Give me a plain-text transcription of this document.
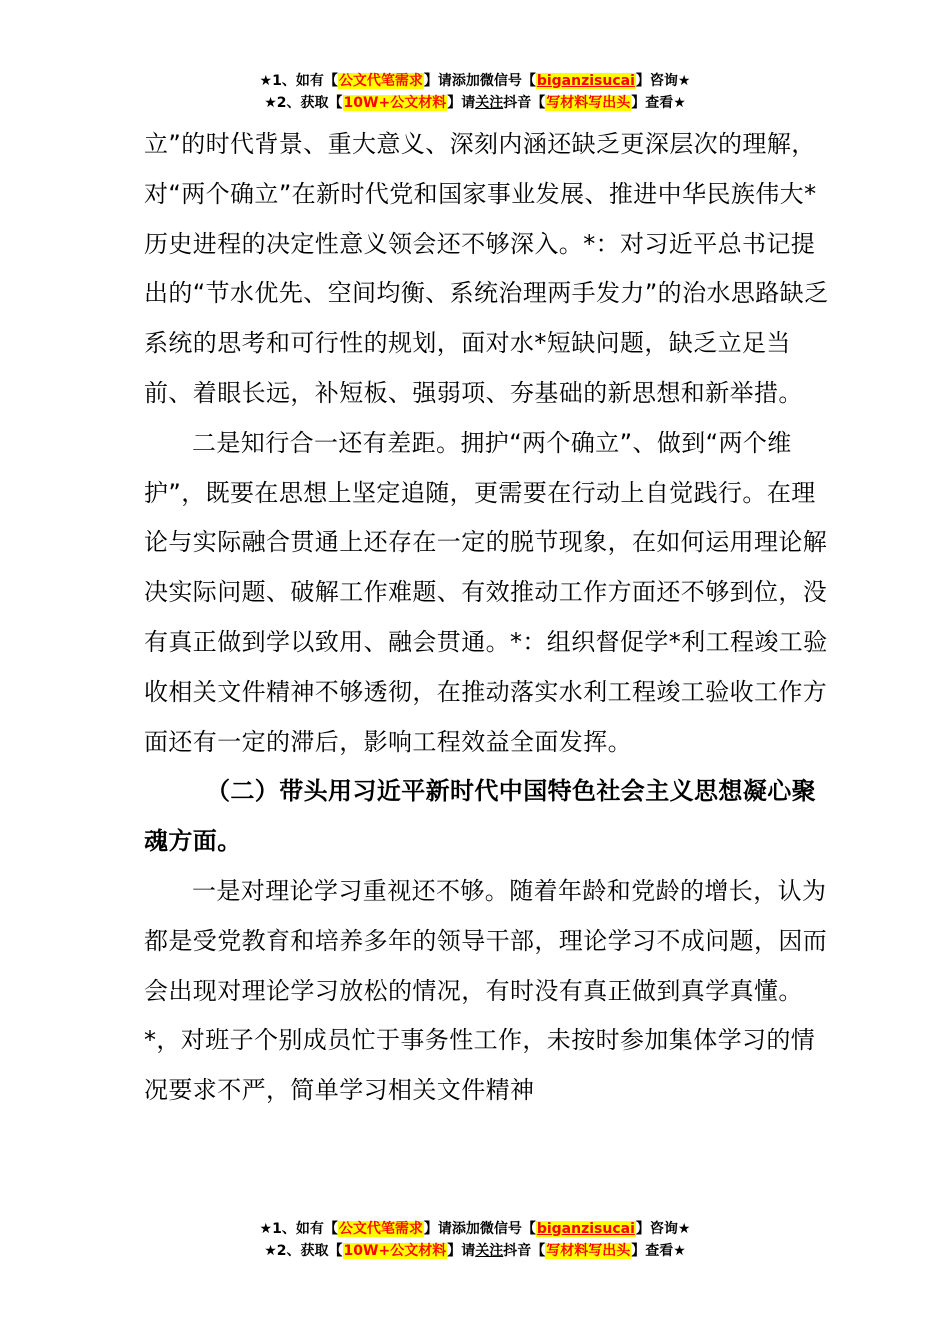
★1、如有【公文代笔需求】请添加微信号【biganzisucai】咨询★
★2、获取【10W+公文材料】请关注抖音【写材料写出头】查看★

立”的时代背景、重大意义、深刻内涵还缺乏更深层次的理解，对“两个确立”在新时代党和国家事业发展、推进中华民族伟大*历史进程的决定性意义领会还不够深入。*：对习近平总书记提出的“节水优先、空间均衡、系统治理两手发力”的治水思路缺乏系统的思考和可行性的规划，面对水*短缺问题，缺乏立足当前、着眼长远，补短板、强弱项、夯基础的新思想和新举措。

二是知行合一还有差距。拥护“两个确立”、做到“两个维护”，既要在思想上坚定追随，更需要在行动上自觉践行。在理论与实际融合贯通上还存在一定的脱节现象，在如何运用理论解决实际问题、破解工作难题、有效推动工作方面还不够到位，没有真正做到学以致用、融会贯通。*：组织督促学*利工程竣工验收相关文件精神不够透彻，在推动落实水利工程竣工验收工作方面还有一定的滞后，影响工程效益全面发挥。

（二）带头用习近平新时代中国特色社会主义思想凝心聚魂方面。

一是对理论学习重视还不够。随着年龄和党龄的增长，认为都是受党教育和培养多年的领导干部，理论学习不成问题，因而会出现对理论学习放松的情况，有时没有真正做到真学真懂。*，对班子个别成员忙于事务性工作，未按时参加集体学习的情况要求不严，简单学习相关文件精神

★1、如有【公文代笔需求】请添加微信号【biganzisucai】咨询★
★2、获取【10W+公文材料】请关注抖音【写材料写出头】查看★
